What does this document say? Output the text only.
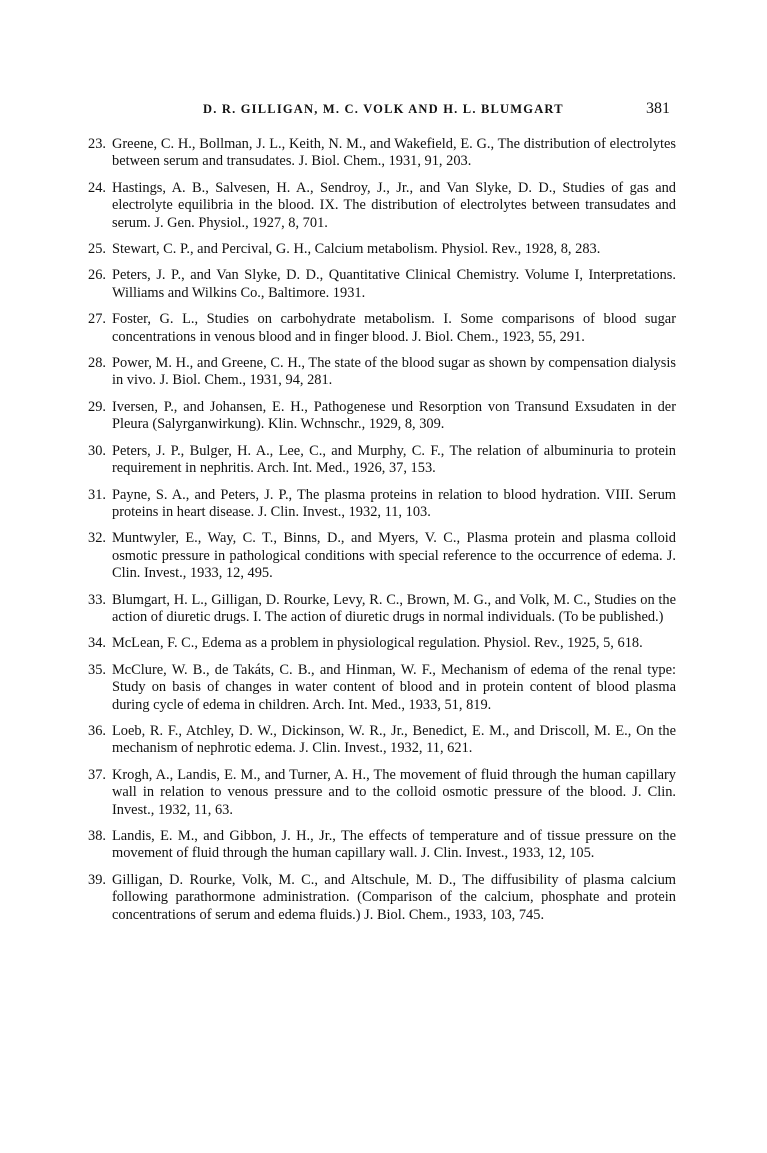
D. R. GILLIGAN, M. C. VOLK AND H. L. BLUMGART	381
23. Greene, C. H., Bollman, J. L., Keith, N. M., and Wakefield, E. G., The distribution of electrolytes between serum and transudates. J. Biol. Chem., 1931, 91, 203.
24. Hastings, A. B., Salvesen, H. A., Sendroy, J., Jr., and Van Slyke, D. D., Studies of gas and electrolyte equilibria in the blood. IX. The distribution of electrolytes between transudates and serum. J. Gen. Physiol., 1927, 8, 701.
25. Stewart, C. P., and Percival, G. H., Calcium metabolism. Physiol. Rev., 1928, 8, 283.
26. Peters, J. P., and Van Slyke, D. D., Quantitative Clinical Chemistry. Volume I, Interpretations. Williams and Wilkins Co., Baltimore. 1931.
27. Foster, G. L., Studies on carbohydrate metabolism. I. Some comparisons of blood sugar concentrations in venous blood and in finger blood. J. Biol. Chem., 1923, 55, 291.
28. Power, M. H., and Greene, C. H., The state of the blood sugar as shown by compensation dialysis in vivo. J. Biol. Chem., 1931, 94, 281.
29. Iversen, P., and Johansen, E. H., Pathogenese und Resorption von Transund Exsudaten in der Pleura (Salyrganwirkung). Klin. Wchnschr., 1929, 8, 309.
30. Peters, J. P., Bulger, H. A., Lee, C., and Murphy, C. F., The relation of albuminuria to protein requirement in nephritis. Arch. Int. Med., 1926, 37, 153.
31. Payne, S. A., and Peters, J. P., The plasma proteins in relation to blood hydration. VIII. Serum proteins in heart disease. J. Clin. Invest., 1932, 11, 103.
32. Muntwyler, E., Way, C. T., Binns, D., and Myers, V. C., Plasma protein and plasma colloid osmotic pressure in pathological conditions with special reference to the occurrence of edema. J. Clin. Invest., 1933, 12, 495.
33. Blumgart, H. L., Gilligan, D. Rourke, Levy, R. C., Brown, M. G., and Volk, M. C., Studies on the action of diuretic drugs. I. The action of diuretic drugs in normal individuals. (To be published.)
34. McLean, F. C., Edema as a problem in physiological regulation. Physiol. Rev., 1925, 5, 618.
35. McClure, W. B., de Takáts, C. B., and Hinman, W. F., Mechanism of edema of the renal type: Study on basis of changes in water content of blood and in protein content of blood plasma during cycle of edema in children. Arch. Int. Med., 1933, 51, 819.
36. Loeb, R. F., Atchley, D. W., Dickinson, W. R., Jr., Benedict, E. M., and Driscoll, M. E., On the mechanism of nephrotic edema. J. Clin. Invest., 1932, 11, 621.
37. Krogh, A., Landis, E. M., and Turner, A. H., The movement of fluid through the human capillary wall in relation to venous pressure and to the colloid osmotic pressure of the blood. J. Clin. Invest., 1932, 11, 63.
38. Landis, E. M., and Gibbon, J. H., Jr., The effects of temperature and of tissue pressure on the movement of fluid through the human capillary wall. J. Clin. Invest., 1933, 12, 105.
39. Gilligan, D. Rourke, Volk, M. C., and Altschule, M. D., The diffusibility of plasma calcium following parathormone administration. (Comparison of the calcium, phosphate and protein concentrations of serum and edema fluids.) J. Biol. Chem., 1933, 103, 745.
